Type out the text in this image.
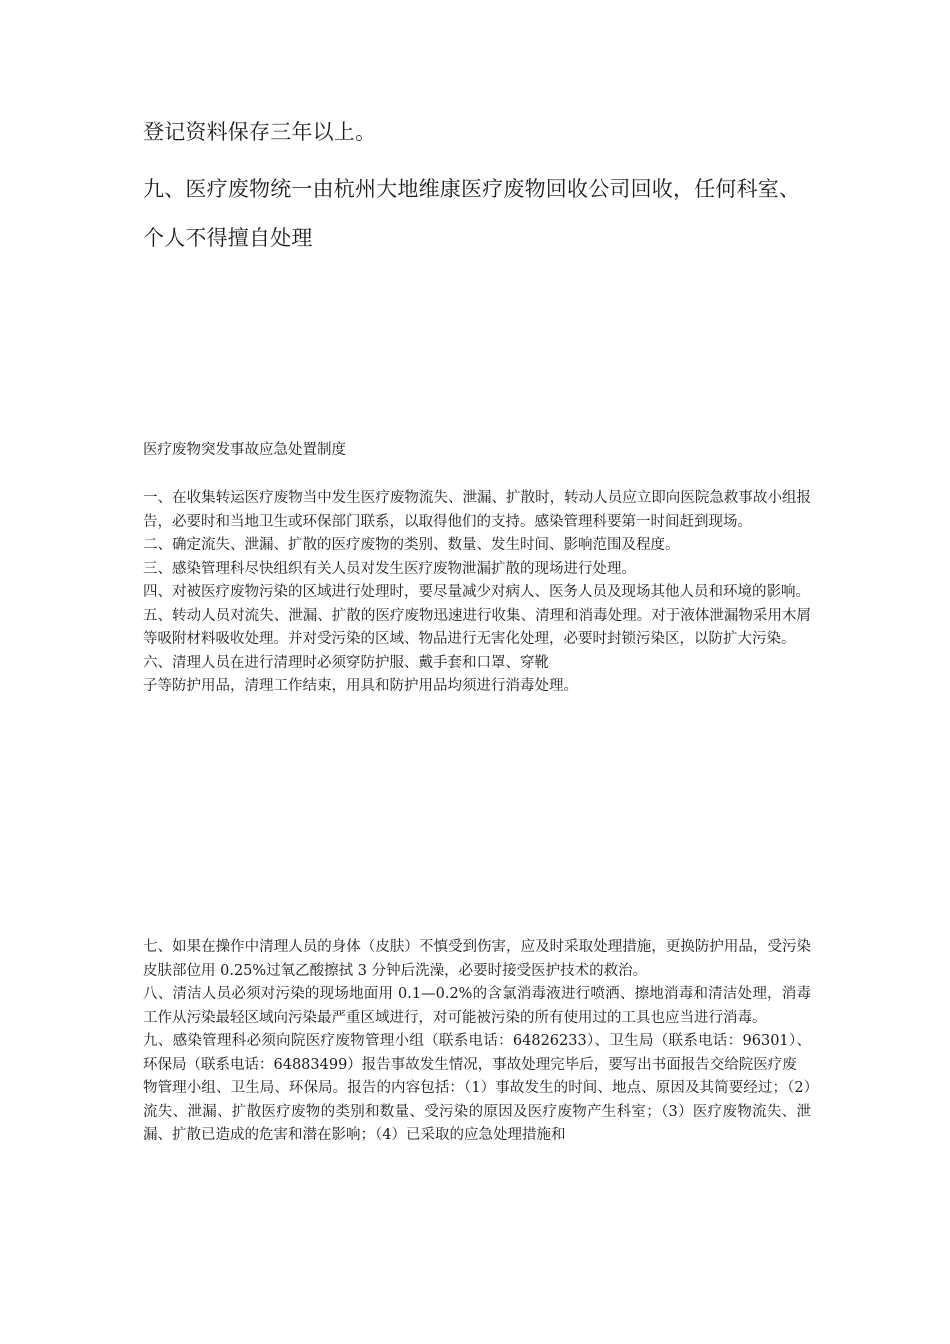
登记资料保存三年以上。
九、医疗废物统一由杭州大地维康医疗废物回收公司回收，任何科室、
个人不得擅自处理
医疗废物突发事故应急处置制度

一、在收集转运医疗废物当中发生医疗废物流失、泄漏、扩散时，转动人员应立即向医院急救事故小组报告，必要时和当地卫生或环保部门联系，以取得他们的支持。感染管理科要第一时间赶到现场。

二、确定流失、泄漏、扩散的医疗废物的类别、数量、发生时间、影响范围及程度。

三、感染管理科尽快组织有关人员对发生医疗废物泄漏扩散的现场进行处理。

四、对被医疗废物污染的区域进行处理时，要尽量减少对病人、医务人员及现场其他人员和环境的影响。

五、转动人员对流失、泄漏、扩散的医疗废物迅速进行收集、清理和消毒处理。对于液体泄漏物采用木屑等吸附材料吸收处理。并对受污染的区域、物品进行无害化处理，必要时封锁污染区，以防扩大污染。

六、清理人员在进行清理时必须穿防护服、戴手套和口罩、穿靴

子等防护用品，清理工作结束，用具和防护用品均须进行消毒处理。

七、如果在操作中清理人员的身体（皮肤）不慎受到伤害，应及时采取处理措施，更换防护用品，受污染皮肤部位用 0.25%过氧乙酸擦拭 3 分钟后洗澡，必要时接受医护技术的救治。

八、清洁人员必须对污染的现场地面用 0.1—0.2%的含氯消毒液进行喷洒、擦地消毒和清洁处理，消毒工作从污染最轻区域向污染最严重区域进行，对可能被污染的所有使用过的工具也应当进行消毒。

九、感染管理科必须向院医疗废物管理小组（联系电话：64826233）、卫生局（联系电话：96301）、环保局（联系电话：64883499）报告事故发生情况，事故处理完毕后，要写出书面报告交给院医疗废

物管理小组、卫生局、环保局。报告的内容包括：（1）事故发生的时间、地点、原因及其简要经过；（2）流失、泄漏、扩散医疗废物的类别和数量、受污染的原因及医疗废物产生科室；（3）医疗废物流失、泄漏、扩散已造成的危害和潜在影响；（4）已采取的应急处理措施和
